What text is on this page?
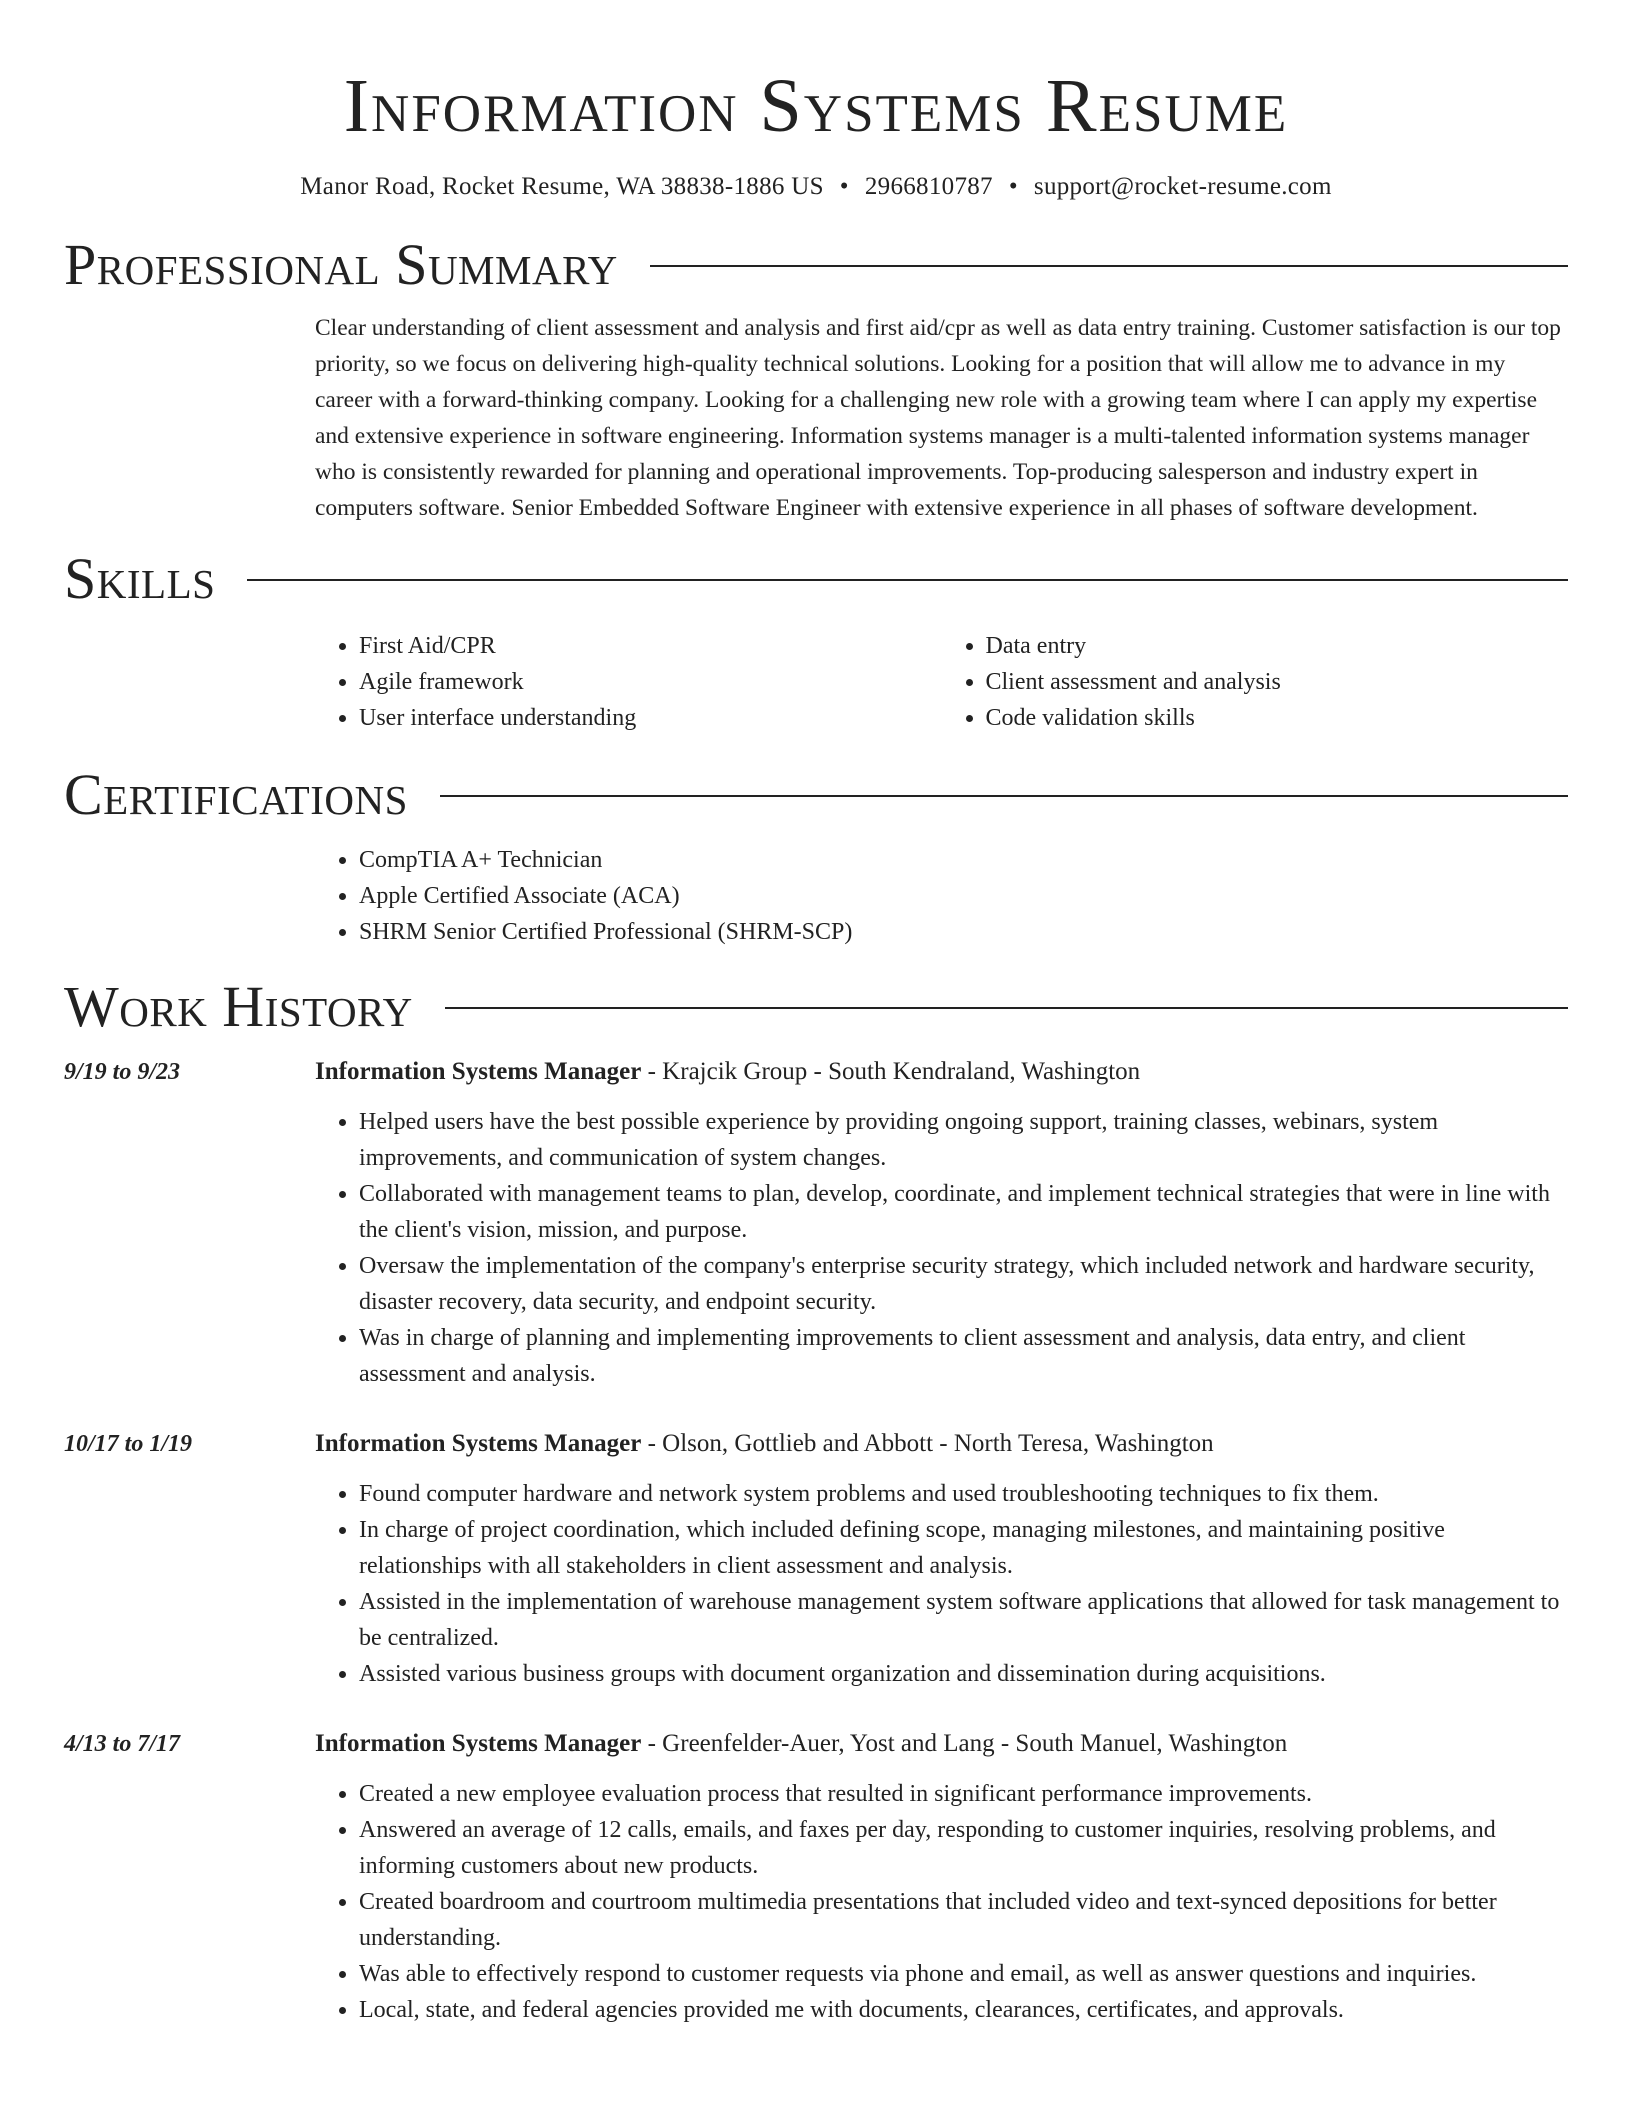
Information Systems Resume
Manor Road, Rocket Resume, WA 38838-1886 US • 2966810787 • support@rocket-resume.com
Professional Summary
Clear understanding of client assessment and analysis and first aid/cpr as well as data entry training. Customer satisfaction is our top priority, so we focus on delivering high-quality technical solutions. Looking for a position that will allow me to advance in my career with a forward-thinking company. Looking for a challenging new role with a growing team where I can apply my expertise and extensive experience in software engineering. Information systems manager is a multi-talented information systems manager who is consistently rewarded for planning and operational improvements. Top-producing salesperson and industry expert in computers software. Senior Embedded Software Engineer with extensive experience in all phases of software development.
Skills
• First Aid/CPR
• Agile framework
• User interface understanding
• Data entry
• Client assessment and analysis
• Code validation skills
Certifications
• CompTIA A+ Technician
• Apple Certified Associate (ACA)
• SHRM Senior Certified Professional (SHRM-SCP)
Work History
9/19 to 9/23	Information Systems Manager - Krajcik Group - South Kendraland, Washington
• Helped users have the best possible experience by providing ongoing support, training classes, webinars, system improvements, and communication of system changes.
• Collaborated with management teams to plan, develop, coordinate, and implement technical strategies that were in line with the client's vision, mission, and purpose.
• Oversaw the implementation of the company's enterprise security strategy, which included network and hardware security, disaster recovery, data security, and endpoint security.
• Was in charge of planning and implementing improvements to client assessment and analysis, data entry, and client assessment and analysis.
10/17 to 1/19	Information Systems Manager - Olson, Gottlieb and Abbott - North Teresa, Washington
• Found computer hardware and network system problems and used troubleshooting techniques to fix them.
• In charge of project coordination, which included defining scope, managing milestones, and maintaining positive relationships with all stakeholders in client assessment and analysis.
• Assisted in the implementation of warehouse management system software applications that allowed for task management to be centralized.
• Assisted various business groups with document organization and dissemination during acquisitions.
4/13 to 7/17	Information Systems Manager - Greenfelder-Auer, Yost and Lang - South Manuel, Washington
• Created a new employee evaluation process that resulted in significant performance improvements.
• Answered an average of 12 calls, emails, and faxes per day, responding to customer inquiries, resolving problems, and informing customers about new products.
• Created boardroom and courtroom multimedia presentations that included video and text-synced depositions for better understanding.
• Was able to effectively respond to customer requests via phone and email, as well as answer questions and inquiries.
• Local, state, and federal agencies provided me with documents, clearances, certificates, and approvals.
